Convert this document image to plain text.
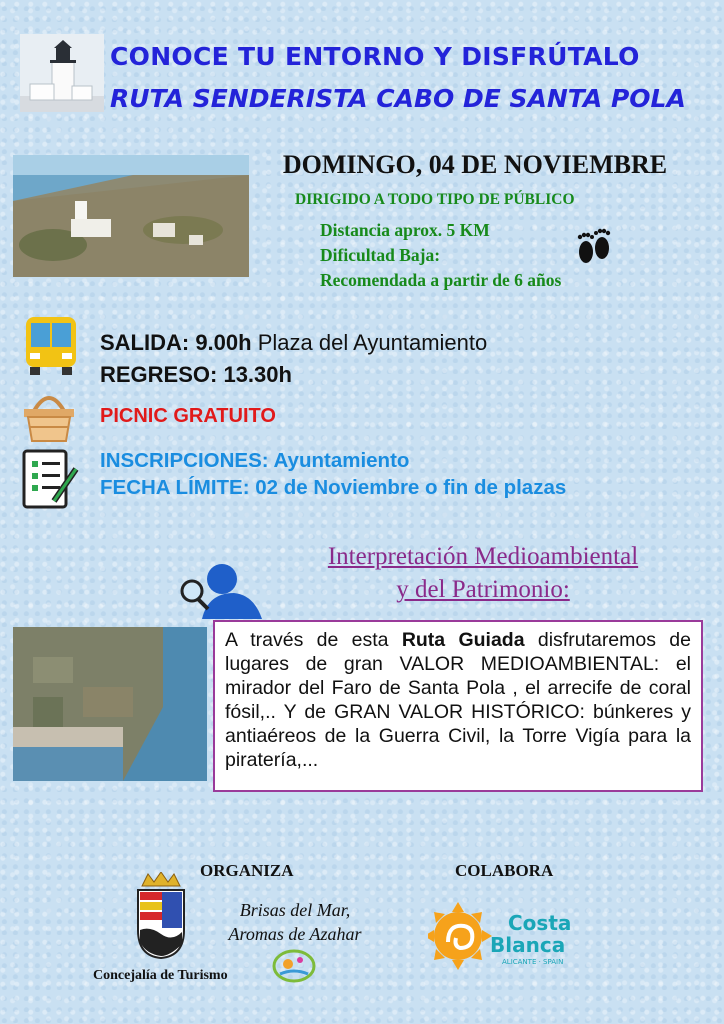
CONOCE TU ENTORNO Y DISFRÚTALO
RUTA SENDERISTA CABO DE SANTA POLA
DOMINGO, 04 DE NOVIEMBRE
DIRIGIDO A TODO TIPO DE PÚBLICO
Distancia aprox. 5 KM
Dificultad Baja:
Recomendada a partir de 6 años
SALIDA: 9.00h Plaza del Ayuntamiento
REGRESO: 13.30h
PICNIC GRATUITO
INSCRIPCIONES: Ayuntamiento
FECHA LÍMITE: 02 de Noviembre o fin de plazas
Interpretación Medioambiental
y del Patrimonio:

A través de esta Ruta Guiada disfrutaremos de lugares de gran VALOR MEDIOAMBIENTAL: el mirador del Faro de Santa Pola , el arrecife de coral fósil,.. Y de GRAN VALOR HISTÓRICO: búnkeres y antiaéreos de la Guerra Civil, la Torre Vigía para la piratería,...

ORGANIZA	COLABORA
Concejalía de Turismo
Brisas del Mar,
Aromas de Azahar	Costa
Blanca
ALICANTE · SPAIN
